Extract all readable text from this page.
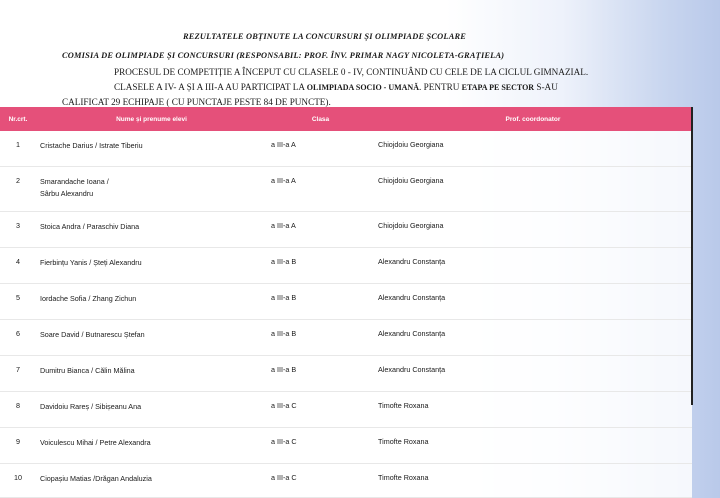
REZULTATELE OBȚINUTE LA CONCURSURI ȘI OLIMPIADE ȘCOLARE
COMISIA DE OLIMPIADE ȘI CONCURSURI (RESPONSABIL: PROF. ÎNV. PRIMAR NAGY NICOLETA-GRAȚIELA)
PROCESUL DE COMPETIȚIE A ÎNCEPUT CU CLASELE 0 - IV, CONTINUÂND CU CELE DE LA CICLUL GIMNAZIAL.
CLASELE A IV- A ȘI A III-A AU PARTICIPAT LA OLIMPIADA SOCIO - UMANĂ. PENTRU ETAPA PE SECTOR S-AU
CALIFICAT 29 ECHIPAJE ( CU PUNCTAJE PESTE 84 DE PUNCTE).
Nr.crt.	Nume și prenume elevi	Clasa	Prof. coordonator
1	Cristache Darius / Istrate Tiberiu	a III-a A	Chiojdoiu Georgiana
2	Smarandache Ioana /
Sârbu Alexandru	a III-a A	Chiojdoiu Georgiana
3	Stoica Andra / Paraschiv Diana	a III-a A	Chiojdoiu Georgiana
4	Fierbințu Yanis / Șteți Alexandru	a III-a B	Alexandru Constanța
5	Iordache Sofia / Zhang Zichun	a III-a B	Alexandru Constanța
6	Soare David / Butnarescu Ștefan	a III-a B	Alexandru Constanța
7	Dumitru Bianca / Călin Mălina	a III-a B	Alexandru Constanța
8	Davidoiu Rareș / Sibișeanu Ana	a III-a C	Timofte Roxana
9	Voiculescu Mihai / Petre Alexandra	a III-a C	Timofte Roxana
10	Ciopașiu Matias /Drăgan Andaluzia	a III-a C	Timofte Roxana
